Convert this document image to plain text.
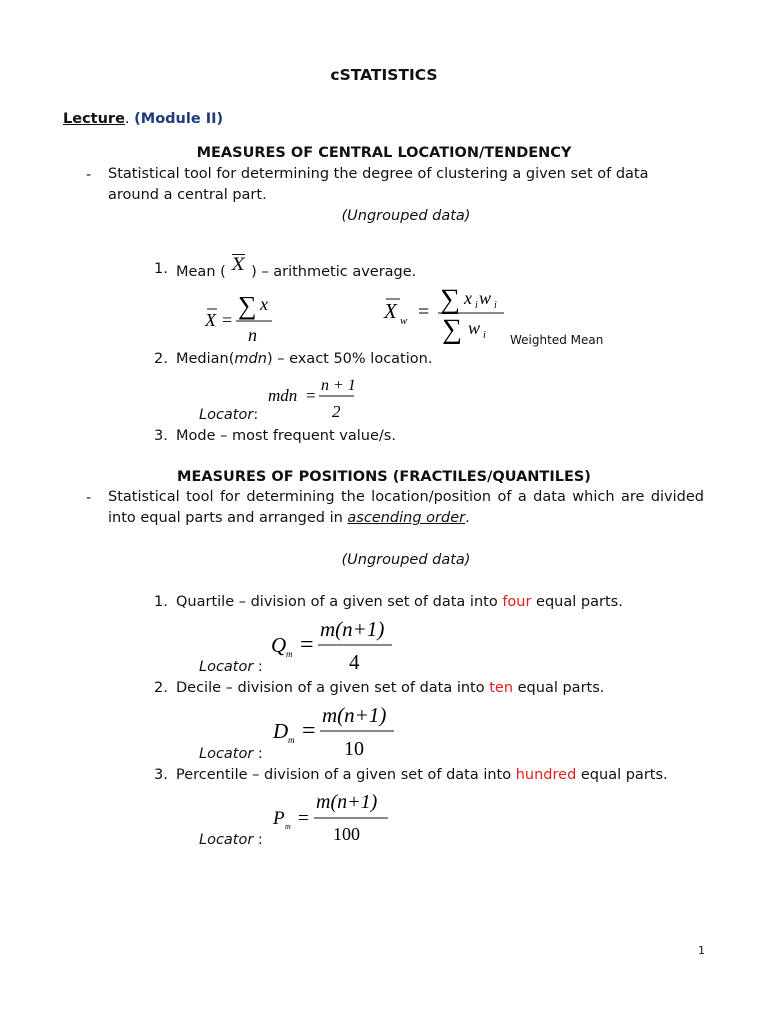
cSTATISTICS
Lecture. (Module II)
MEASURES OF CENTRAL LOCATION/TENDENCY
- Statistical tool for determining the degree of clustering a given set of data around a central part.
(Ungrouped data)
1. Mean ( X ) – arithmetic average.
X = ∑ x
n
X w = ∑ x i w i
∑ w i Weighted Mean
2. Median(mdn) – exact 50% location.
mdn =
n + 1
2
Locator:
3. Mode – most frequent value/s.
MEASURES OF POSITIONS (FRACTILES/QUANTILES)
- Statistical tool for determining the location/position of a data which are divided into equal parts and arranged in ascending order.
(Ungrouped data)
1. Quartile – division of a given set of data into four equal parts.
Q m =
m(n+1)
4
Locator :
2. Decile – division of a given set of data into ten equal parts.
D m =
m(n+1)
10
Locator :
3. Percentile – division of a given set of data into hundred equal parts.
P m =
m(n+1)
100
Locator :
1
